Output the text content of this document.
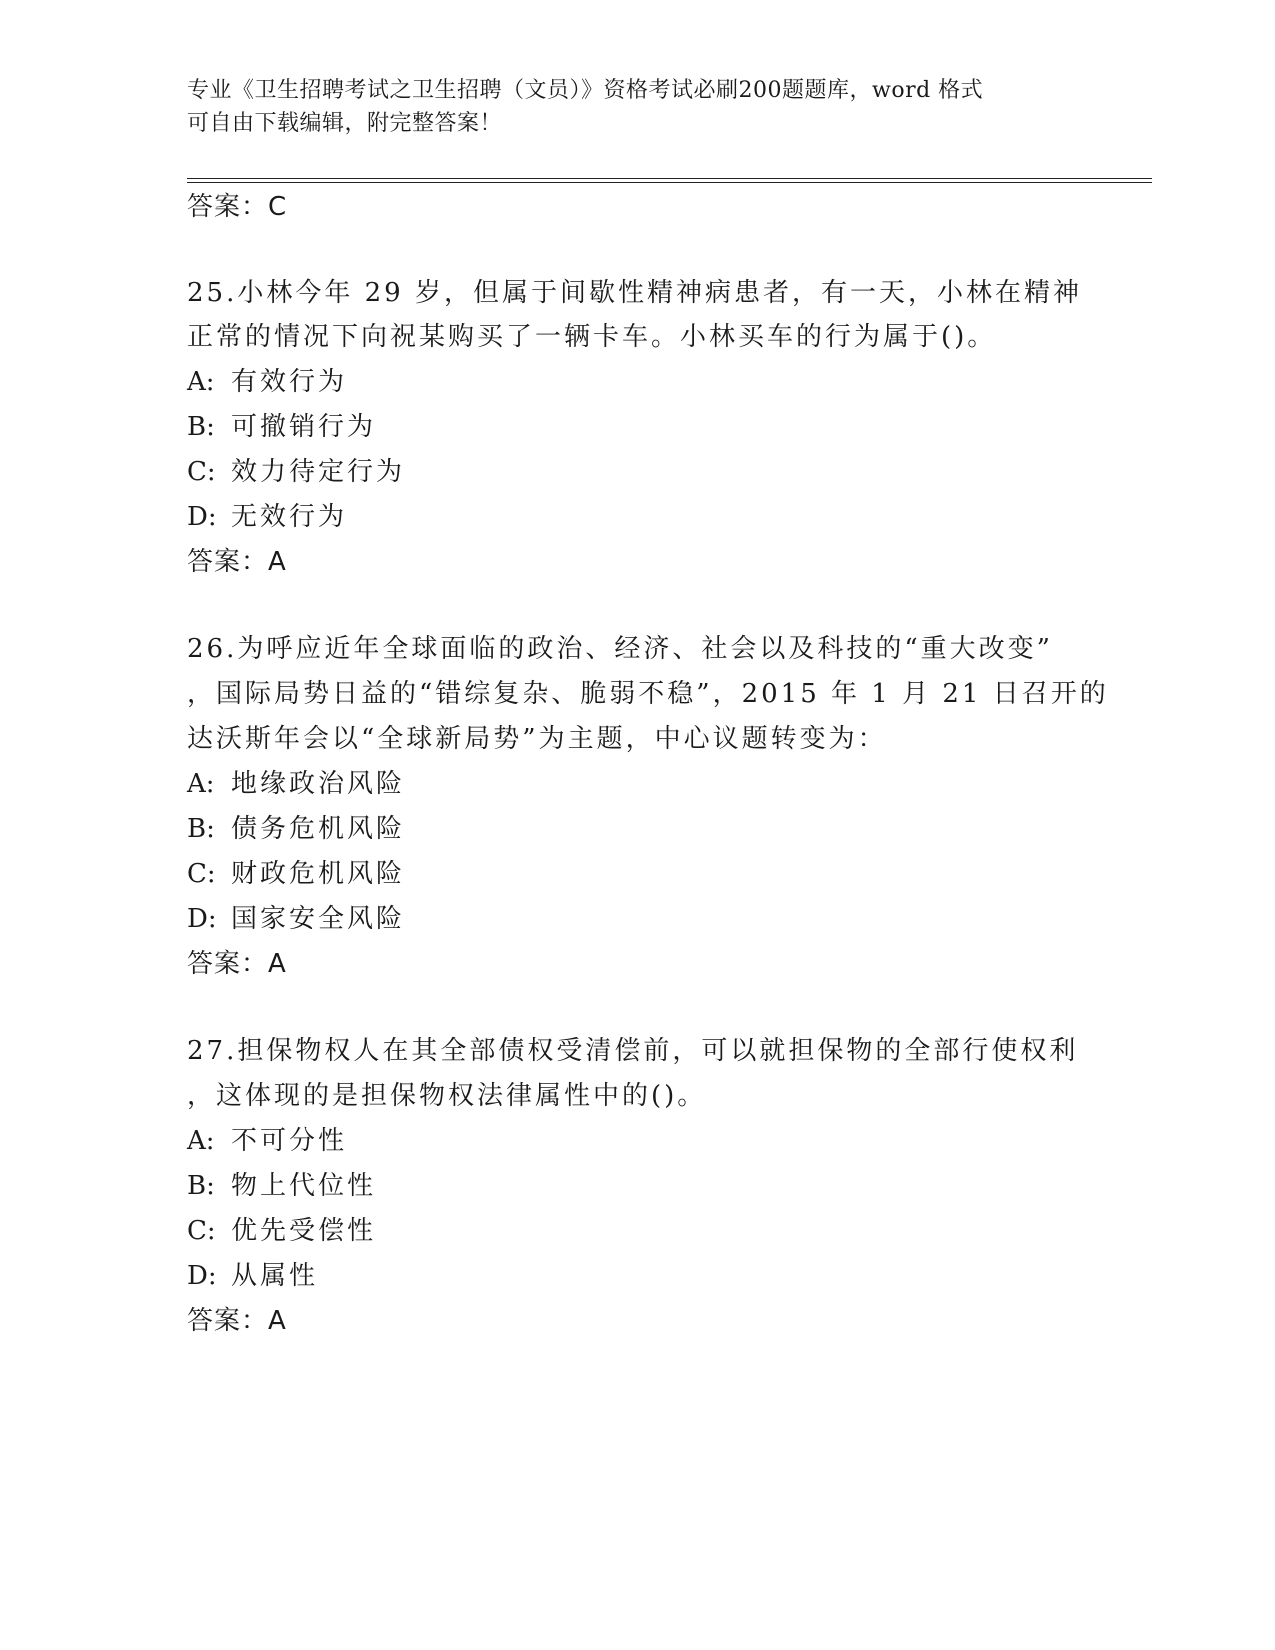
专业《卫生招聘考试之卫生招聘（文员）》资格考试必刷200题题库，word 格式
可自由下载编辑，附完整答案！
答案：C
25.小林今年 29 岁，但属于间歇性精神病患者，有一天，小林在精神
正常的情况下向祝某购买了一辆卡车。小林买车的行为属于()。
A: 有效行为
B: 可撤销行为
C: 效力待定行为
D: 无效行为
答案：A
26.为呼应近年全球面临的政治、经济、社会以及科技的“重大改变”
，国际局势日益的“错综复杂、脆弱不稳”，2015 年 1 月 21 日召开的
达沃斯年会以“全球新局势”为主题，中心议题转变为：
A: 地缘政治风险
B: 债务危机风险
C: 财政危机风险
D: 国家安全风险
答案：A
27.担保物权人在其全部债权受清偿前，可以就担保物的全部行使权利
，这体现的是担保物权法律属性中的()。
A: 不可分性
B: 物上代位性
C: 优先受偿性
D: 从属性
答案：A
